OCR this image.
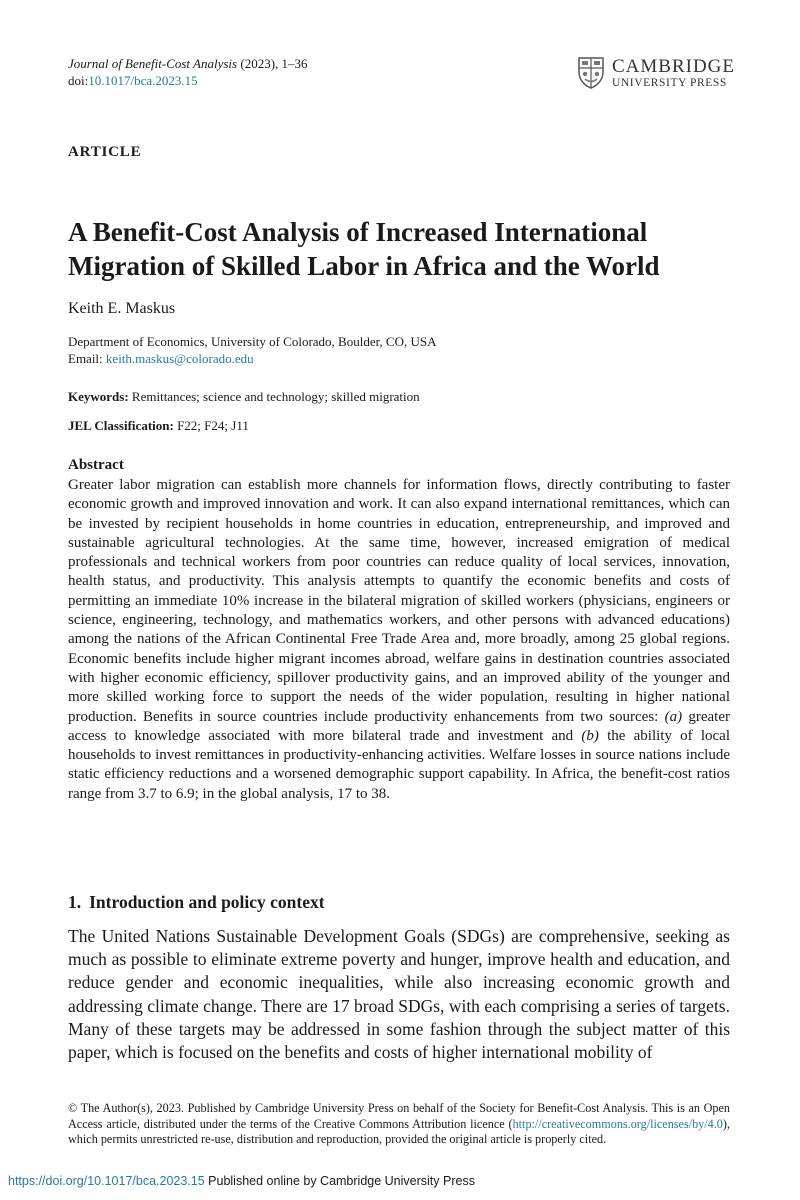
Journal of Benefit-Cost Analysis (2023), 1–36
doi:10.1017/bca.2023.15
CAMBRIDGE
UNIVERSITY PRESS
ARTICLE
A Benefit-Cost Analysis of Increased International Migration of Skilled Labor in Africa and the World
Keith E. Maskus
Department of Economics, University of Colorado, Boulder, CO, USA
Email: keith.maskus@colorado.edu
Keywords: Remittances; science and technology; skilled migration
JEL Classification: F22; F24; J11
Abstract

Greater labor migration can establish more channels for information flows, directly contributing to faster economic growth and improved innovation and work. It can also expand international remittances, which can be invested by recipient households in home countries in education, entrepreneurship, and improved and sustainable agricultural technologies. At the same time, however, increased emigration of medical professionals and technical workers from poor countries can reduce quality of local services, innovation, health status, and productivity. This analysis attempts to quantify the economic benefits and costs of permitting an immediate 10% increase in the bilateral migration of skilled workers (physicians, engineers or science, engineering, technology, and mathematics workers, and other persons with advanced educations) among the nations of the African Continental Free Trade Area and, more broadly, among 25 global regions. Economic benefits include higher migrant incomes abroad, welfare gains in destination countries associated with higher economic efficiency, spillover productivity gains, and an improved ability of the younger and more skilled working force to support the needs of the wider population, resulting in higher national production. Benefits in source countries include productivity enhancements from two sources: (a) greater access to knowledge associated with more bilateral trade and investment and (b) the ability of local households to invest remittances in productivity-enhancing activities. Welfare losses in source nations include static efficiency reductions and a worsened demographic support capability. In Africa, the benefit-cost ratios range from 3.7 to 6.9; in the global analysis, 17 to 38.

1. Introduction and policy context

The United Nations Sustainable Development Goals (SDGs) are comprehensive, seeking as much as possible to eliminate extreme poverty and hunger, improve health and education, and reduce gender and economic inequalities, while also increasing economic growth and addressing climate change. There are 17 broad SDGs, with each comprising a series of targets. Many of these targets may be addressed in some fashion through the subject matter of this paper, which is focused on the benefits and costs of higher international mobility of

© The Author(s), 2023. Published by Cambridge University Press on behalf of the Society for Benefit-Cost Analysis. This is an Open Access article, distributed under the terms of the Creative Commons Attribution licence (http://creativecommons.org/licenses/by/4.0), which permits unrestricted re-use, distribution and reproduction, provided the original article is properly cited.

https://doi.org/10.1017/bca.2023.15 Published online by Cambridge University Press
